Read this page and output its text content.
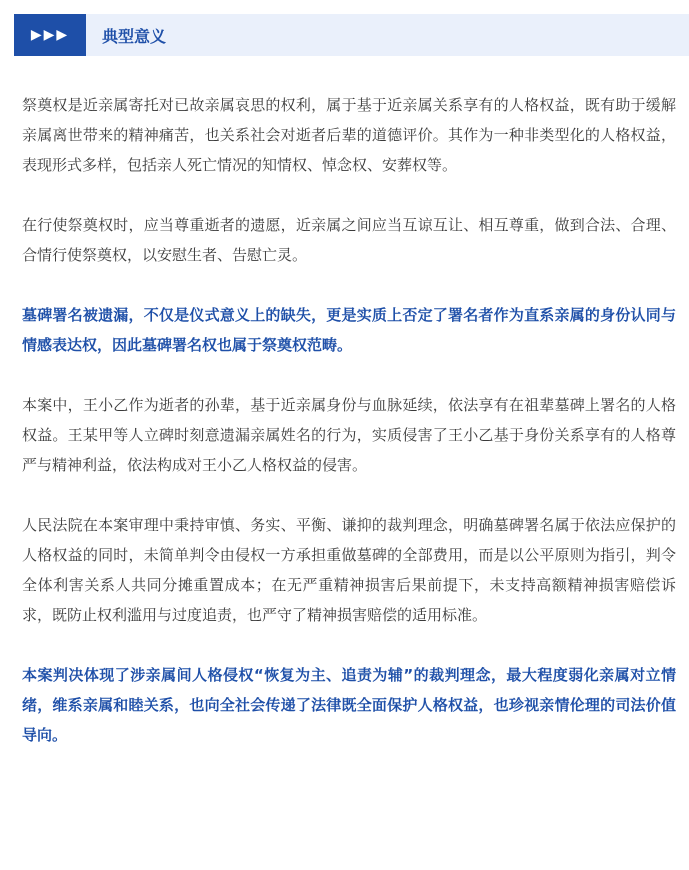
▶▶▶	典型意义

祭奠权是近亲属寄托对已故亲属哀思的权利，属于基于近亲属关系享有的人格权益，既有助于缓解亲属离世带来的精神痛苦，也关系社会对逝者后辈的道德评价。其作为一种非类型化的人格权益，表现形式多样，包括亲人死亡情况的知情权、悼念权、安葬权等。

在行使祭奠权时，应当尊重逝者的遗愿，近亲属之间应当互谅互让、相互尊重，做到合法、合理、合情行使祭奠权，以安慰生者、告慰亡灵。

墓碑署名被遗漏，不仅是仪式意义上的缺失，更是实质上否定了署名者作为直系亲属的身份认同与情感表达权，因此墓碑署名权也属于祭奠权范畴。

本案中，王小乙作为逝者的孙辈，基于近亲属身份与血脉延续，依法享有在祖辈墓碑上署名的人格权益。王某甲等人立碑时刻意遗漏亲属姓名的行为，实质侵害了王小乙基于身份关系享有的人格尊严与精神利益，依法构成对王小乙人格权益的侵害。

人民法院在本案审理中秉持审慎、务实、平衡、谦抑的裁判理念，明确墓碑署名属于依法应保护的人格权益的同时，未简单判令由侵权一方承担重做墓碑的全部费用，而是以公平原则为指引，判令全体利害关系人共同分摊重置成本；在无严重精神损害后果前提下，未支持高额精神损害赔偿诉求，既防止权利滥用与过度追责，也严守了精神损害赔偿的适用标准。

本案判决体现了涉亲属间人格侵权“恢复为主、追责为辅”的裁判理念，最大程度弱化亲属对立情绪，维系亲属和睦关系，也向全社会传递了法律既全面保护人格权益，也珍视亲情伦理的司法价值导向。
